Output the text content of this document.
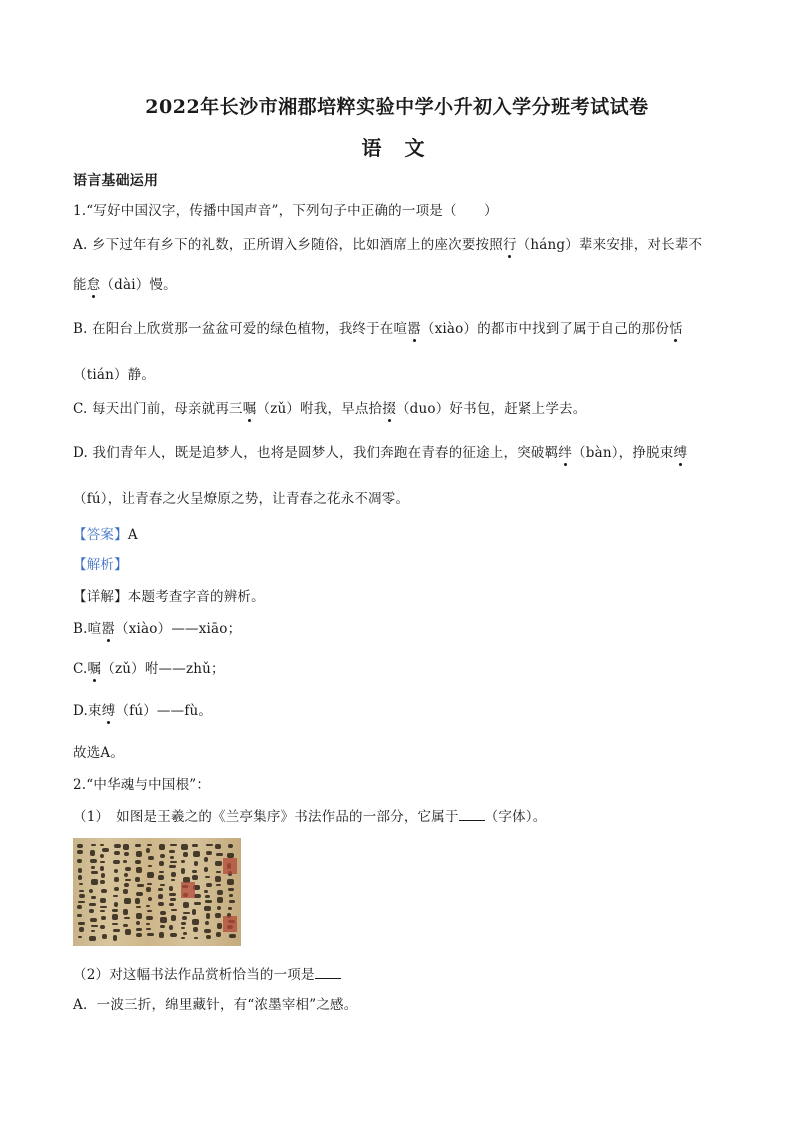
2022年长沙市湘郡培粹实验中学小升初入学分班考试试卷
语 文
语言基础运用
1.“写好中国汉字，传播中国声音”，下列句子中正确的一项是（　　）
A. 乡下过年有乡下的礼数，正所谓入乡随俗，比如酒席上的座次要按照行（háng）辈来安排，对长辈不
能怠（dài）慢。
B. 在阳台上欣赏那一盆盆可爱的绿色植物，我终于在喧嚣（xiào）的都市中找到了属于自己的那份恬
（tián）静。
C. 每天出门前，母亲就再三嘱（zǔ）咐我，早点拾掇（duo）好书包，赶紧上学去。
D. 我们青年人，既是追梦人，也将是圆梦人，我们奔跑在青春的征途上，突破羁绊（bàn），挣脱束缚
（fú），让青春之火呈燎原之势，让青春之花永不凋零。
【答案】A
【解析】
【详解】本题考查字音的辨析。
B.喧嚣（xiào）——xiāo；
C.嘱（zǔ）咐——zhǔ；
D.束缚（fú）——fù。
故选A。
2.“中华魂与中国根”：
（1）　如图是王羲之的《兰亭集序》书法作品的一部分，它属于 （字体）。
（2）对这幅书法作品赏析恰当的一项是
A．一波三折，绵里藏针，有“浓墨宰相”之感。
